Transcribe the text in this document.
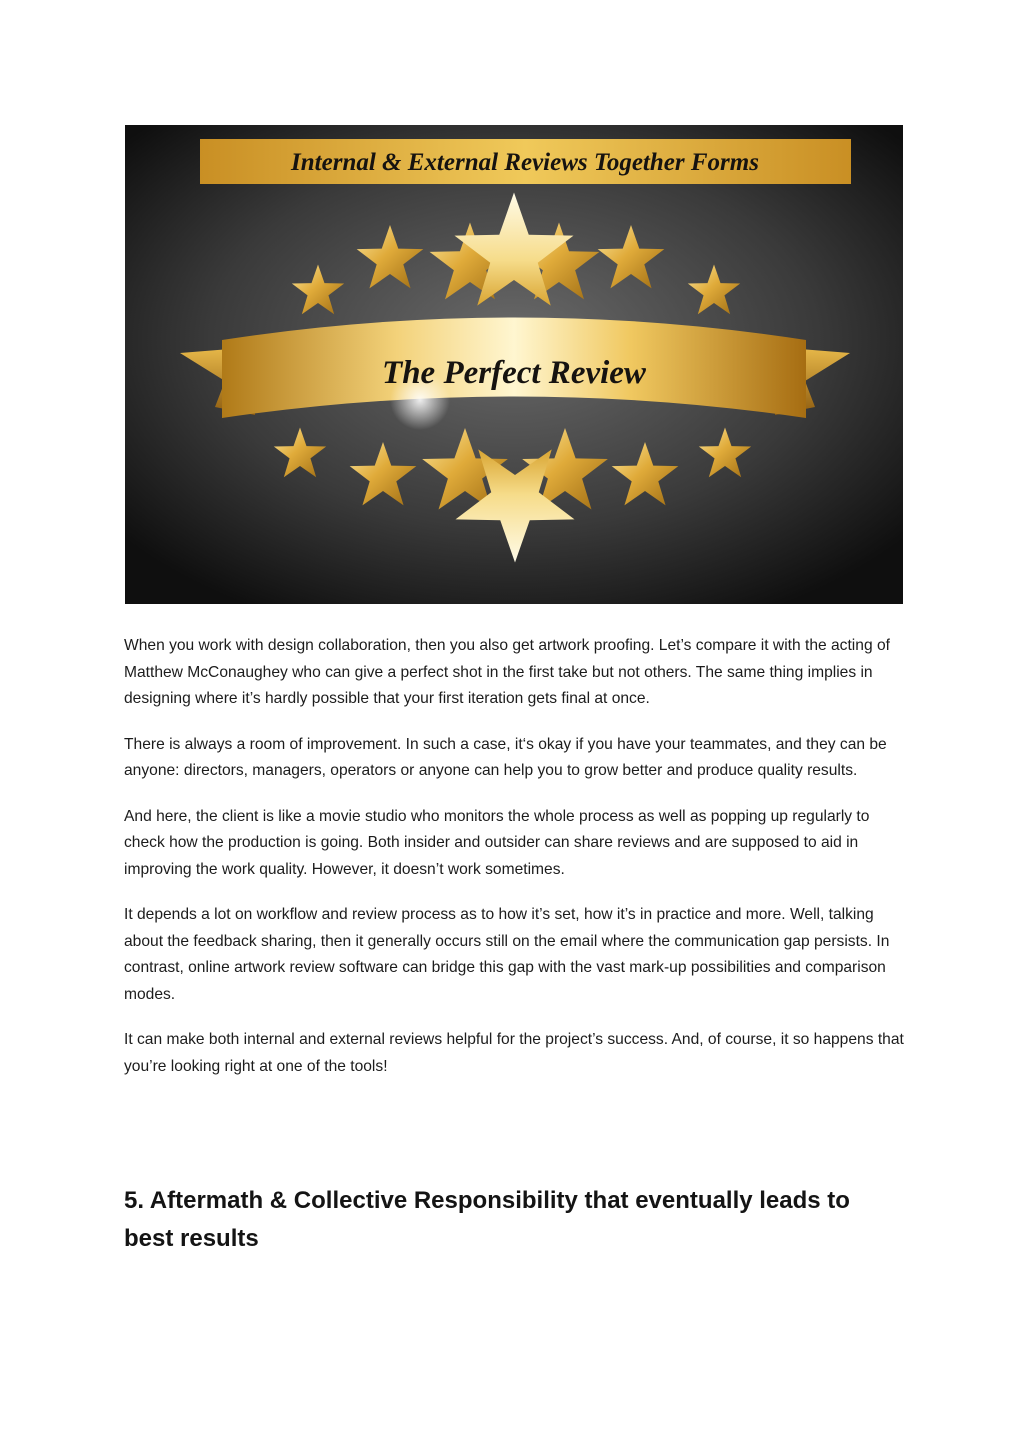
Internal & External Reviews Together Forms
The Perfect Review

When you work with design collaboration, then you also get artwork proofing. Let’s compare it with the acting of Matthew McConaughey who can give a perfect shot in the first take but not others. The same thing implies in designing where it’s hardly possible that your first iteration gets final at once.

There is always a room of improvement. In such a case, it‘s okay if you have your teammates, and they can be anyone: directors, managers, operators or anyone can help you to grow better and produce quality results.

And here, the client is like a movie studio who monitors the whole process as well as popping up regularly to check how the production is going. Both insider and outsider can share reviews and are supposed to aid in improving the work quality. However, it doesn’t work sometimes.

It depends a lot on workflow and review process as to how it’s set, how it’s in practice and more. Well, talking about the feedback sharing, then it generally occurs still on the email where the communication gap persists. In contrast, online artwork review software can bridge this gap with the vast mark-up possibilities and comparison modes.

It can make both internal and external reviews helpful for the project’s success. And, of course, it so happens that you’re looking right at one of the tools!

5. Aftermath & Collective Responsibility that eventually leads to best results
